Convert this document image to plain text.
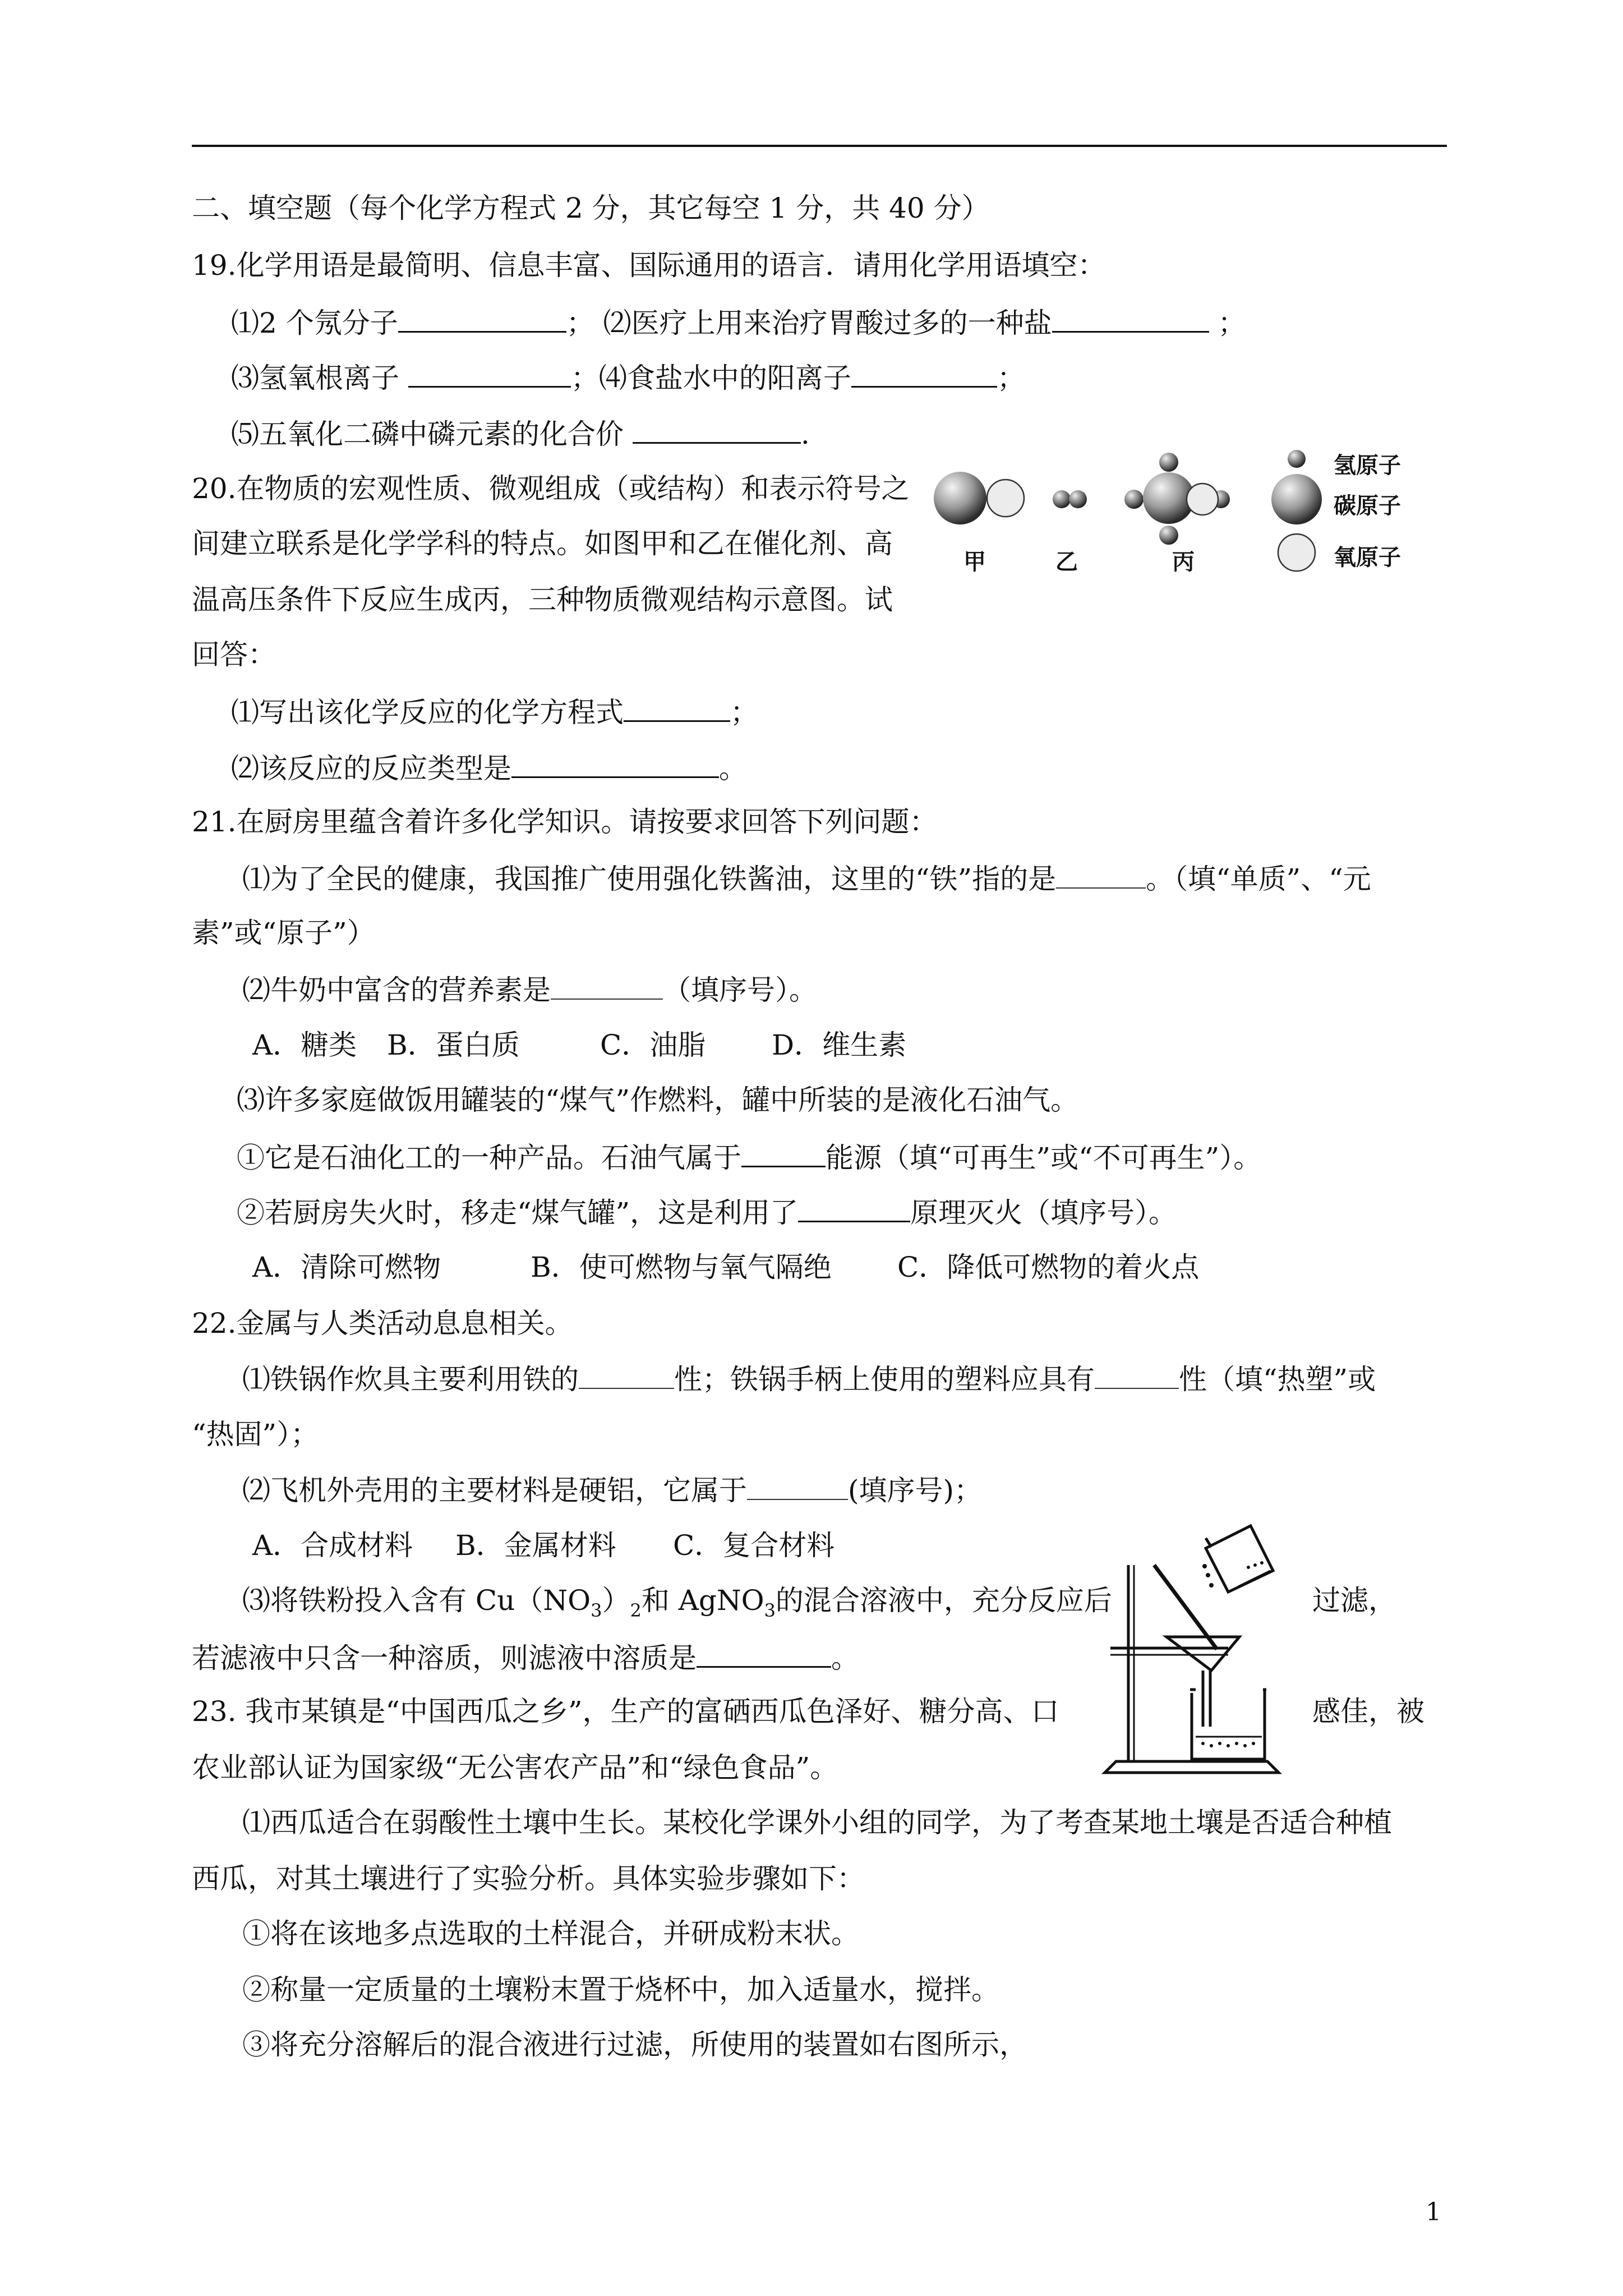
二、填空题（每个化学方程式 2 分，其它每空 1 分，共 40 分）
19.化学用语是最简明、信息丰富、国际通用的语言．请用化学用语填空：
⑴2 个氖分子	； ⑵医疗上用来治疗胃酸过多的一种盐	；
⑶氢氧根离子	；⑷食盐水中的阳离子	；
⑸五氧化二磷中磷元素的化合价	.
20.在物质的宏观性质、微观组成（或结构）和表示符号之
间建立联系是化学学科的特点。如图甲和乙在催化剂、高
温高压条件下反应生成丙，三种物质微观结构示意图。试
回答：
甲	乙	丙
氢原子
碳原子
氧原子
⑴写出该化学反应的化学方程式	；
⑵该反应的反应类型是	。
21.在厨房里蕴含着许多化学知识。请按要求回答下列问题：
⑴为了全民的健康，我国推广使用强化铁酱油，这里的“铁”指的是	。（填“单质”、“元
素”或“原子”）
⑵牛奶中富含的营养素是	（填序号）。
A．糖类 B．蛋白质	C．油脂 D．维生素
⑶许多家庭做饭用罐装的“煤气”作燃料，罐中所装的是液化石油气。
①它是石油化工的一种产品。石油气属于	能源（填“可再生”或“不可再生”）。
②若厨房失火时，移走“煤气罐”，这是利用了	原理灭火（填序号）。
A．清除可燃物	B．使可燃物与氧气隔绝 C．降低可燃物的着火点
22.金属与人类活动息息相关。
⑴铁锅作炊具主要利用铁的	性；铁锅手柄上使用的塑料应具有	性（填“热塑”或
“热固”）；
⑵飞机外壳用的主要材料是硬铝，它属于	(填序号)；
A．合成材料 B．金属材料 C．复合材料
⑶将铁粉投入含有 $Cu(NO_3)_2$和 AgNO$_3$的混合溶液中，充分反应后	过滤，
若滤液中只含一种溶质，则滤液中溶质是	。
23. 我市某镇是“中国西瓜之乡”，生产的富硒西瓜色泽好、糖分高、口	感佳，被
农业部认证为国家级“无公害农产品”和“绿色食品”。
⑴西瓜适合在弱酸性土壤中生长。某校化学课外小组的同学，为了考查某地土壤是否适合种植
西瓜，对其土壤进行了实验分析。具体实验步骤如下：
①将在该地多点选取的土样混合，并研成粉末状。
②称量一定质量的土壤粉末置于烧杯中，加入适量水，搅拌。
③将充分溶解后的混合液进行过滤，所使用的装置如右图所示，
1
